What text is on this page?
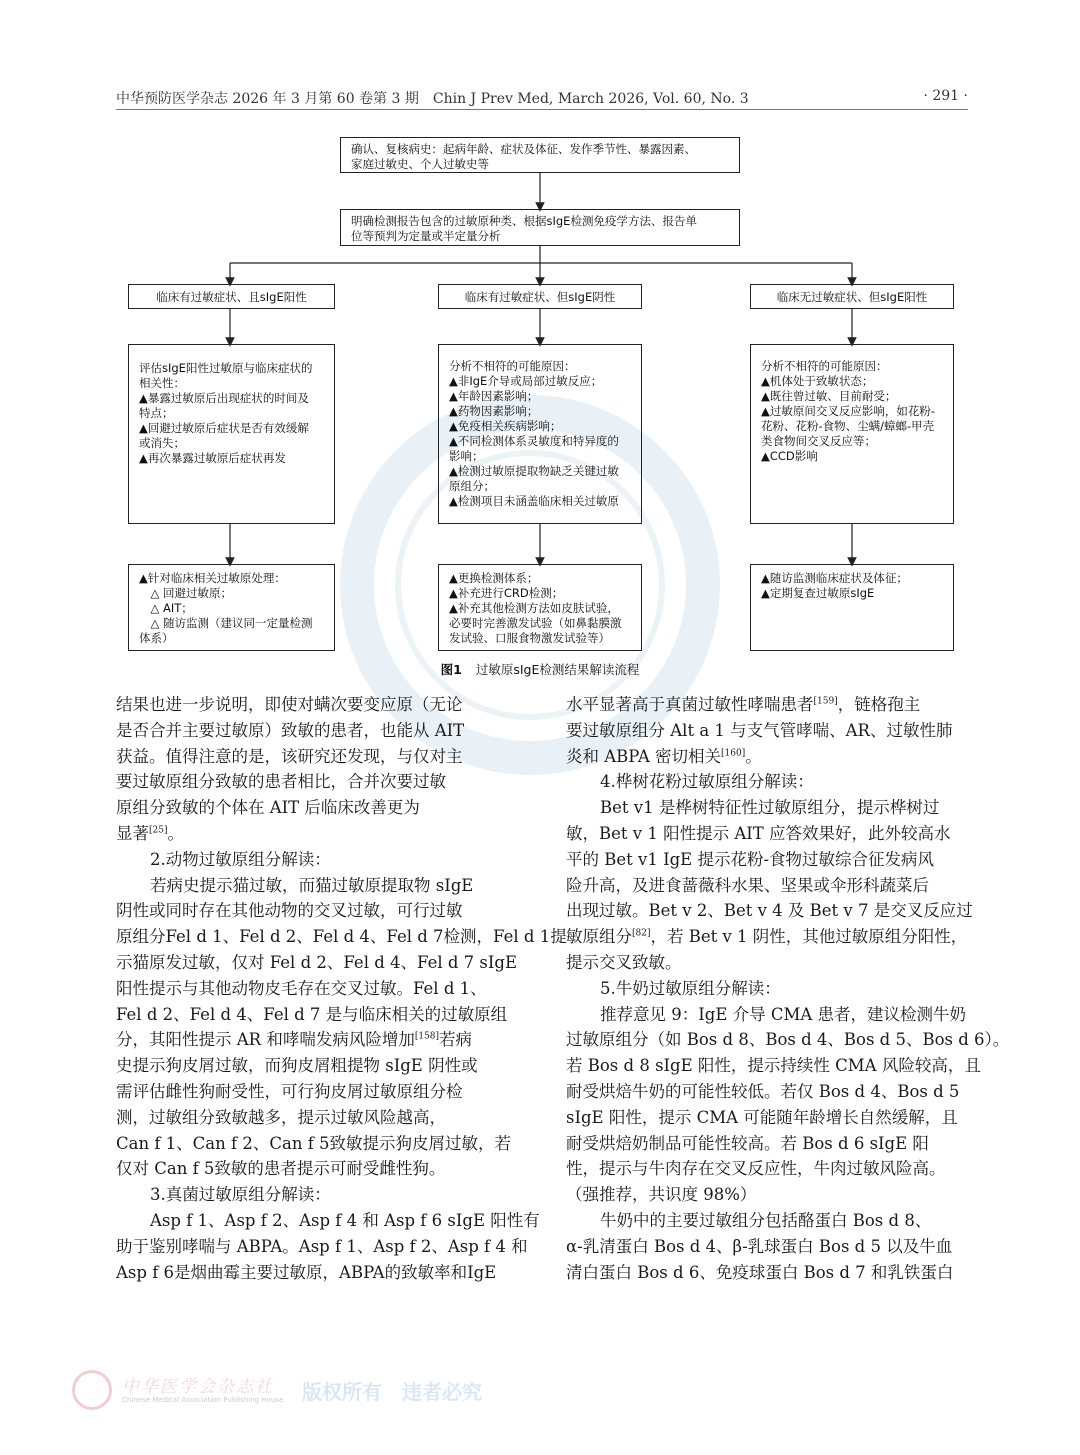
中华预防医学杂志 2026 年 3 月第 60 卷第 3 期　Chin J Prev Med, March 2026, Vol. 60, No. 3	· 291 ·
确认、复核病史：起病年龄、症状及体征、发作季节性、暴露因素、
家庭过敏史、个人过敏史等
明确检测报告包含的过敏原种类、根据sIgE检测免疫学方法、报告单
位等预判为定量或半定量分析
临床有过敏症状、且sIgE阳性	临床有过敏症状、但sIgE阴性	临床无过敏症状、但sIgE阳性
评估sIgE阳性过敏原与临床症状的
相关性：
▲暴露过敏原后出现症状的时间及
特点；
▲回避过敏原后症状是否有效缓解
或消失；
▲再次暴露过敏原后症状再发
分析不相符的可能原因：
▲非IgE介导或局部过敏反应；
▲年龄因素影响；
▲药物因素影响；
▲免疫相关疾病影响；
▲不同检测体系灵敏度和特异度的
影响；
▲检测过敏原提取物缺乏关键过敏
原组分；
▲检测项目未涵盖临床相关过敏原
分析不相符的可能原因：
▲机体处于致敏状态；
▲既往曾过敏、目前耐受；
▲过敏原间交叉反应影响，如花粉-
花粉、花粉-食物、尘螨/蟑螂-甲壳
类食物间交叉反应等；
▲CCD影响
▲针对临床相关过敏原处理：
　△ 回避过敏原；
　△ AIT；
　△ 随访监测（建议同一定量检测
体系）
▲更换检测体系；
▲补充进行CRD检测；
▲补充其他检测方法如皮肤试验，
必要时完善激发试验（如鼻黏膜激
发试验、口服食物激发试验等）
▲随访监测临床症状及体征；
▲定期复查过敏原sIgE
图1 过敏原sIgE检测结果解读流程
结果也进一步说明，即使对螨次要变应原（无论
是否合并主要过敏原）致敏的患者，也能从 AIT
获益。值得注意的是，该研究还发现，与仅对主
要过敏原组分致敏的患者相比，合并次要过敏
原组分致敏的个体在 AIT 后临床改善更为
显著[25]。
2.动物过敏原组分解读：
若病史提示猫过敏，而猫过敏原提取物 sIgE
阴性或同时存在其他动物的交叉过敏，可行过敏
原组分Fel d 1、Fel d 2、Fel d 4、Fel d 7检测，Fel d 1提
示猫原发过敏，仅对 Fel d 2、Fel d 4、Fel d 7 sIgE
阳性提示与其他动物皮毛存在交叉过敏。Fel d 1、
Fel d 2、Fel d 4、Fel d 7 是与临床相关的过敏原组
分，其阳性提示 AR 和哮喘发病风险增加[158]若病
史提示狗皮屑过敏，而狗皮屑粗提物 sIgE 阴性或
需评估雌性狗耐受性，可行狗皮屑过敏原组分检
测，过敏组分致敏越多，提示过敏风险越高，
Can f 1、Can f 2、Can f 5致敏提示狗皮屑过敏，若
仅对 Can f 5致敏的患者提示可耐受雌性狗。
3.真菌过敏原组分解读：
Asp f 1、Asp f 2、Asp f 4 和 Asp f 6 sIgE 阳性有
助于鉴别哮喘与 ABPA。Asp f 1、Asp f 2、Asp f 4 和
Asp f 6是烟曲霉主要过敏原，ABPA的致敏率和IgE
水平显著高于真菌过敏性哮喘患者[159]，链格孢主
要过敏原组分 Alt a 1 与支气管哮喘、AR、过敏性肺
炎和 ABPA 密切相关[160]。
4.桦树花粉过敏原组分解读：
Bet v1 是桦树特征性过敏原组分，提示桦树过
敏，Bet v 1 阳性提示 AIT 应答效果好，此外较高水
平的 Bet v1 IgE 提示花粉-食物过敏综合征发病风
险升高，及进食蔷薇科水果、坚果或伞形科蔬菜后
出现过敏。Bet v 2、Bet v 4 及 Bet v 7 是交叉反应过
敏原组分[82]，若 Bet v 1 阴性，其他过敏原组分阳性，
提示交叉致敏。
5.牛奶过敏原组分解读：
推荐意见 9：IgE 介导 CMA 患者，建议检测牛奶
过敏原组分（如 Bos d 8、Bos d 4、Bos d 5、Bos d 6）。
若 Bos d 8 sIgE 阳性，提示持续性 CMA 风险较高，且
耐受烘焙牛奶的可能性较低。若仅 Bos d 4、Bos d 5
sIgE 阳性，提示 CMA 可能随年龄增长自然缓解，且
耐受烘焙奶制品可能性较高。若 Bos d 6 sIgE 阳
性，提示与牛肉存在交叉反应性，牛肉过敏风险高。
（强推荐，共识度 98%）
牛奶中的主要过敏组分包括酪蛋白 Bos d 8、
α-乳清蛋白 Bos d 4、β-乳球蛋白 Bos d 5 以及牛血
清白蛋白 Bos d 6、免疫球蛋白 Bos d 7 和乳铁蛋白
中华医学会杂志社
Chinese Medical Association Publishing House 版权所有　违者必究
